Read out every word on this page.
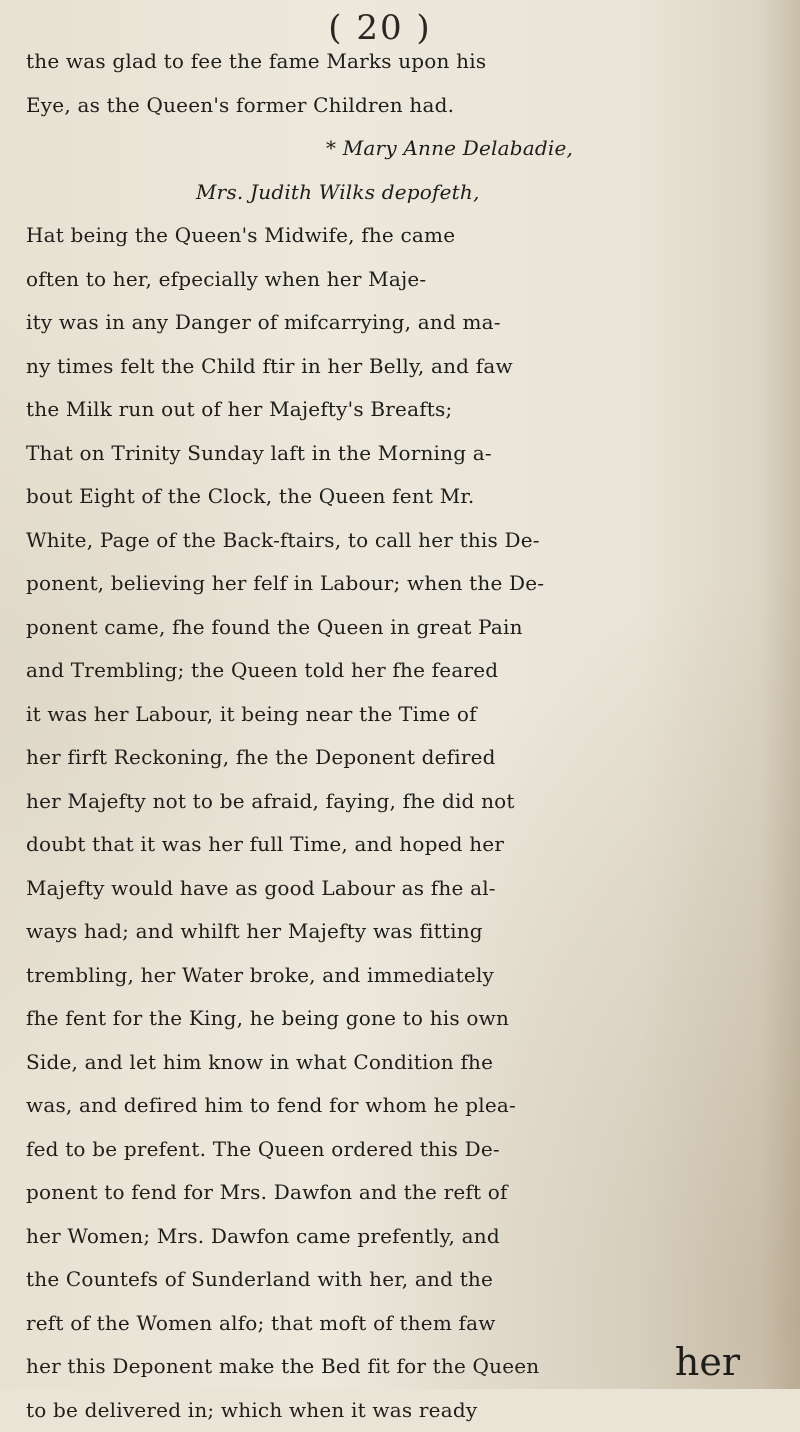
( 20 )
the was glad to fee the fame Marks upon his
Eye, as the Queen's former Children had.
* Mary Anne Delabadie,
Mrs. Judith Wilks depofeth,
Hat being the Queen's Midwife, fhe came
often to her, efpecially when her Maje-
ity was in any Danger of mifcarrying, and ma-
ny times felt the Child ftir in her Belly, and faw
the Milk run out of her Majefty's Breafts;
That on Trinity Sunday laft in the Morning a-
bout Eight of the Clock, the Queen fent Mr.
White, Page of the Back-ftairs, to call her this De-
ponent, believing her felf in Labour; when the De-
ponent came, fhe found the Queen in great Pain
and Trembling; the Queen told her fhe feared
it was her Labour, it being near the Time of
her firft Reckoning, fhe the Deponent defired
her Majefty not to be afraid, faying, fhe did not
doubt that it was her full Time, and hoped her
Majefty would have as good Labour as fhe al-
ways had; and whilft her Majefty was fitting
trembling, her Water broke, and immediately
fhe fent for the King, he being gone to his own
Side, and let him know in what Condition fhe
was, and defired him to fend for whom he plea-
fed to be prefent. The Queen ordered this De-
ponent to fend for Mrs. Dawfon and the reft of
her Women; Mrs. Dawfon came prefently, and
the Countefs of Sunderland with her, and the
reft of the Women alfo; that moft of them faw
her this Deponent make the Bed fit for the Queen
to be delivered in; which when it was ready
her
